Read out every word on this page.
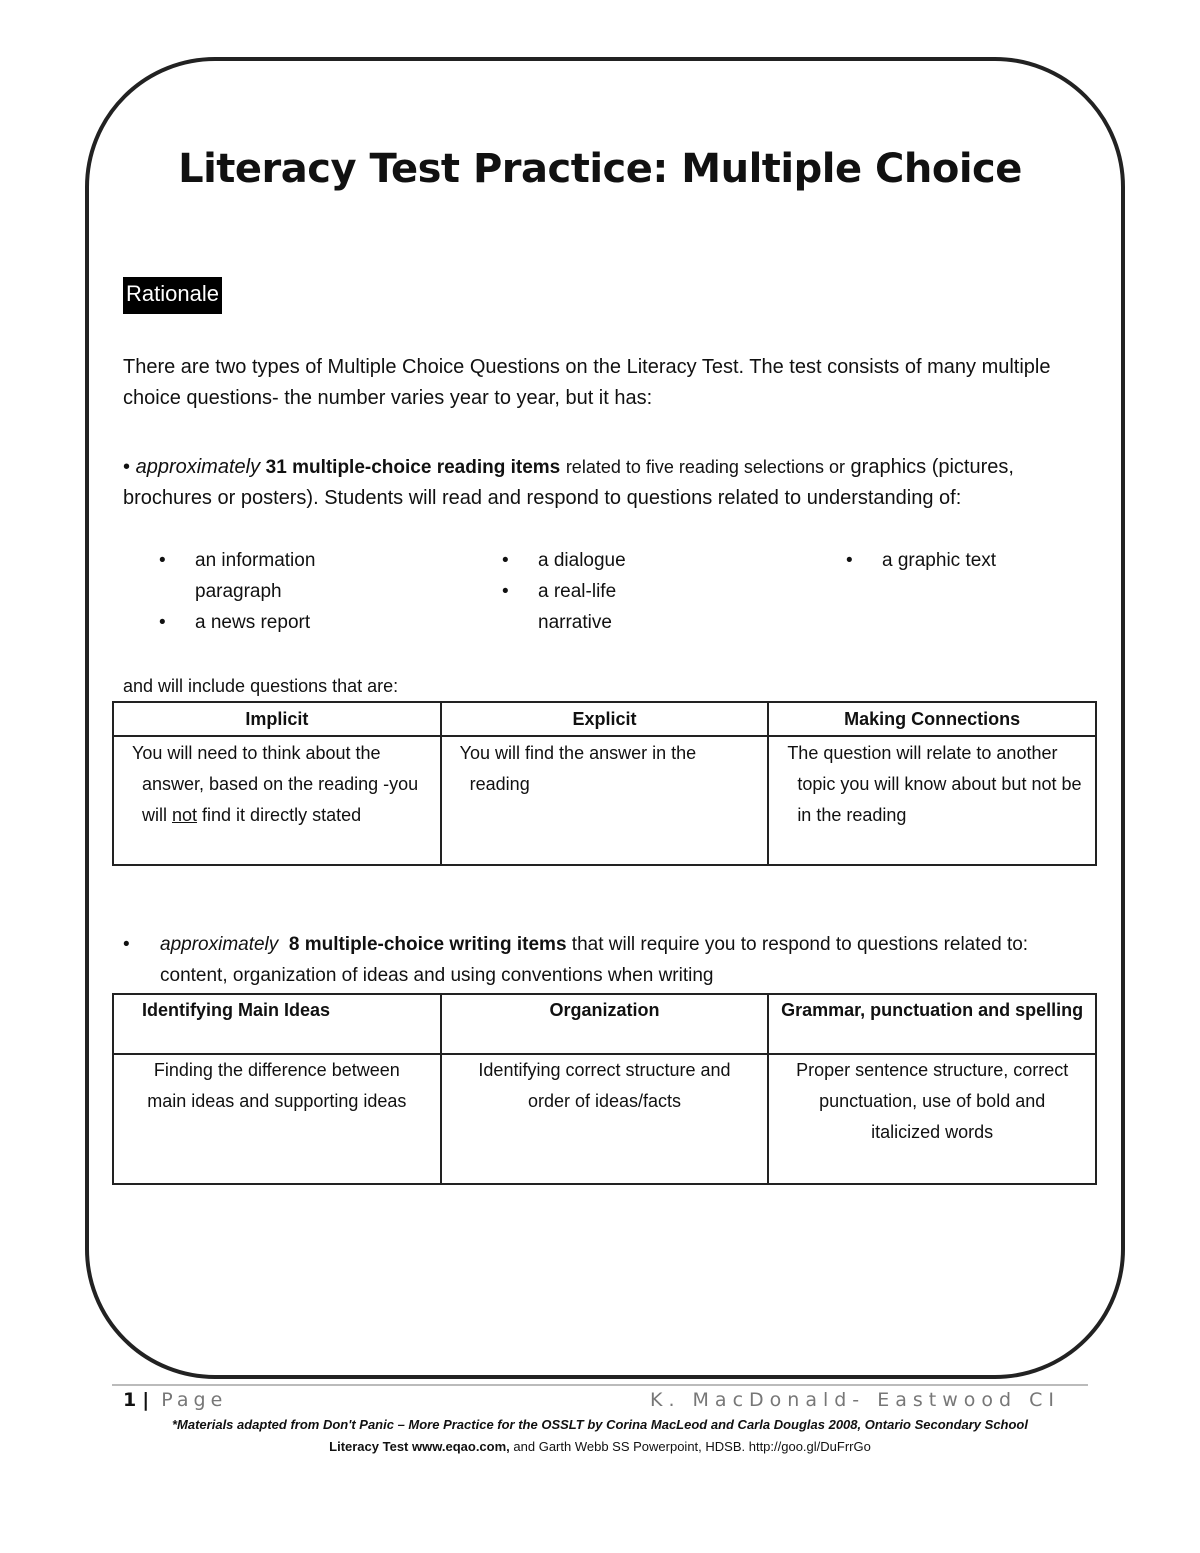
Literacy Test Practice: Multiple Choice
Rationale
There are two types of Multiple Choice Questions on the Literacy Test. The test consists of many multiple choice questions- the number varies year to year, but it has:
• approximately 31 multiple-choice reading items related to five reading selections or graphics (pictures, brochures or posters). Students will read and respond to questions related to understanding of:
• an information paragraph
• a news report
• a dialogue
• a real-life narrative
• a graphic text
and will include questions that are:
Implicit	Explicit	Making Connections

You will need to think about the answer, based on the reading -you will not find it directly stated	You will find the answer in the reading	The question will relate to another topic you will know about but not be in the reading
• approximately 8 multiple-choice writing items that will require you to respond to questions related to: content, organization of ideas and using conventions when writing
Identifying Main Ideas	Organization	Grammar, punctuation and spelling
Finding the difference between main ideas and supporting ideas	Identifying correct structure and order of ideas/facts	Proper sentence structure, correct punctuation, use of bold and italicized words
1 | Page	K. MacDonald- Eastwood CI
*Materials adapted from Don't Panic – More Practice for the OSSLT by Corina MacLeod and Carla Douglas 2008, Ontario Secondary School
Literacy Test www.eqao.com, and Garth Webb SS Powerpoint, HDSB. http://goo.gl/DuFrrGo
